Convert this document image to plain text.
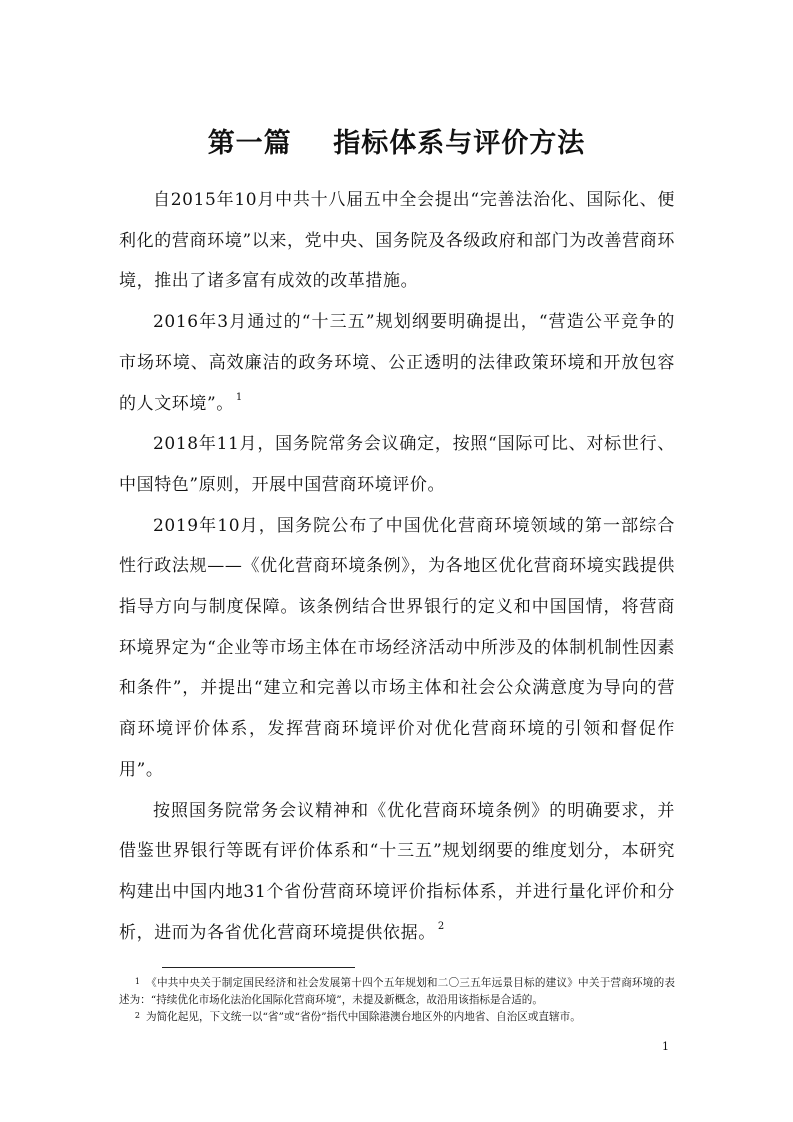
第一篇    指标体系与评价方法

自2015年10月中共十八届五中全会提出“完善法治化、国际化、便利化的营商环境”以来，党中央、国务院及各级政府和部门为改善营商环境，推出了诸多富有成效的改革措施。

2016年3月通过的“十三五”规划纲要明确提出，“营造公平竞争的市场环境、高效廉洁的政务环境、公正透明的法律政策环境和开放包容的人文环境”。 $^1$

2018年11月，国务院常务会议确定，按照“国际可比、对标世行、中国特色”原则，开展中国营商环境评价。

2019年10月，国务院公布了中国优化营商环境领域的第一部综合性行政法规——《优化营商环境条例》，为各地区优化营商环境实践提供指导方向与制度保障。该条例结合世界银行的定义和中国国情，将营商环境界定为“企业等市场主体在市场经济活动中所涉及的体制机制性因素和条件”，并提出“建立和完善以市场主体和社会公众满意度为导向的营商环境评价体系，发挥营商环境评价对优化营商环境的引领和督促作用”。

按照国务院常务会议精神和《优化营商环境条例》的明确要求，并借鉴世界银行等既有评价体系和“十三五”规划纲要的维度划分，本研究构建出中国内地31个省份营商环境评价指标体系，并进行量化评价和分析，进而为各省优化营商环境提供依据。 $^2$

$^1$ 《中共中央关于制定国民经济和社会发展第十四个五年规划和二〇三五年远景目标的建议》中关于营商环境的表述为：“持续优化市场化法治化国际化营商环境”，未提及新概念，故沿用该指标是合适的。

$^2$ 为简化起见，下文统一以“省”或“省份”指代中国除港澳台地区外的内地省、自治区或直辖市。

1
